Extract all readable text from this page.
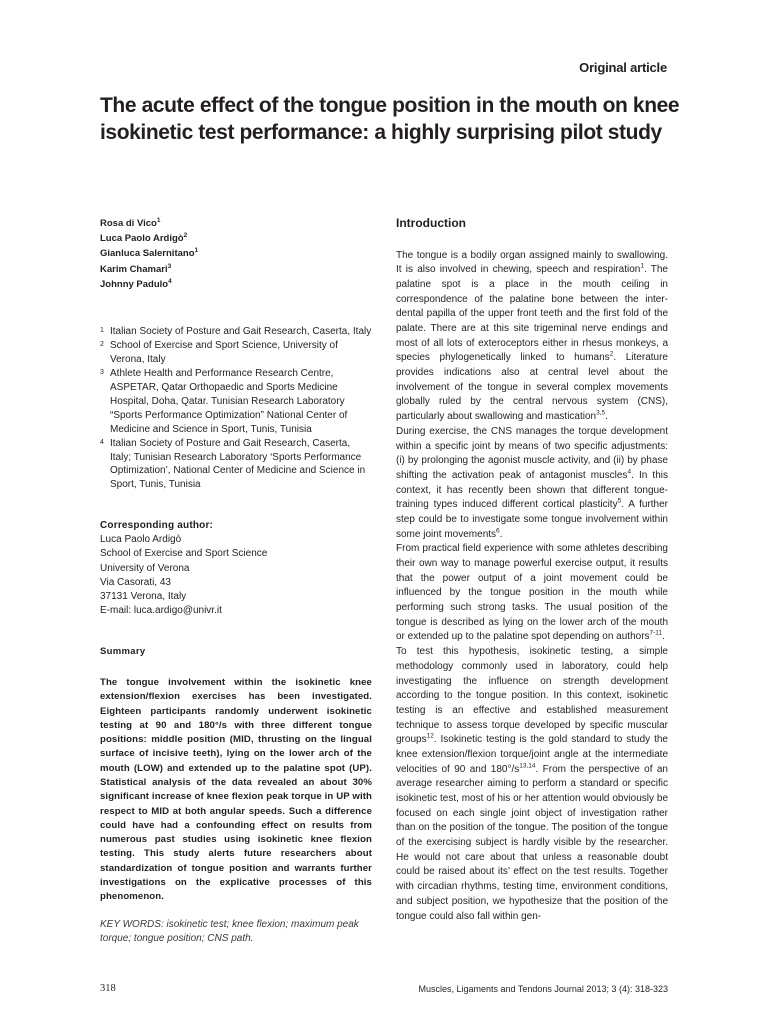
Original article
The acute effect of the tongue position in the mouth on knee isokinetic test performance: a highly surprising pilot study
Rosa di Vico$^1$
Luca Paolo Ardigò$^2$
Gianluca Salernitano$^1$
Karim Chamari$^3$
Johnny Padulo$^4$
1 Italian Society of Posture and Gait Research, Caserta, Italy
2 School of Exercise and Sport Science, University of Verona, Italy
3 Athlete Health and Performance Research Centre, ASPETAR, Qatar Orthopaedic and Sports Medicine Hospital, Doha, Qatar. Tunisian Research Laboratory “Sports Performance Optimization” National Center of Medicine and Science in Sport, Tunis, Tunisia
4 Italian Society of Posture and Gait Research, Caserta, Italy; Tunisian Research Laboratory ‘Sports Performance Optimization’, National Center of Medicine and Science in Sport, Tunis, Tunisia
Corresponding author:
Luca Paolo Ardigò
School of Exercise and Sport Science
University of Verona
Via Casorati, 43
37131 Verona, Italy
E-mail: luca.ardigo@univr.it
Summary

The tongue involvement within the isokinetic knee extension/flexion exercises has been investigated. Eighteen participants randomly underwent isokinetic testing at 90 and 180°/s with three different tongue positions: middle position (MID, thrusting on the lingual surface of incisive teeth), lying on the lower arch of the mouth (LOW) and extended up to the palatine spot (UP). Statistical analysis of the data revealed an about 30% significant increase of knee flexion peak torque in UP with respect to MID at both angular speeds. Such a difference could have had a confounding effect on results from numerous past studies using isokinetic knee flexion testing. This study alerts future researchers about standardization of tongue position and warrants further investigations on the explicative processes of this phenomenon.

KEY WORDS: isokinetic test; knee flexion; maximum peak torque; tongue position; CNS path.

Introduction

The tongue is a bodily organ assigned mainly to swallowing. It is also involved in chewing, speech and respiration$^1$. The palatine spot is a place in the mouth ceiling in correspondence of the palatine bone between the inter-dental papilla of the upper front teeth and the first fold of the palate. There are at this site trigeminal nerve endings and most of all lots of exteroceptors either in rhesus monkeys, a species phylogenetically linked to humans$^2$. Literature provides indications also at central level about the involvement of the tongue in several complex movements globally ruled by the central nervous system (CNS), particularly about swallowing and mastication$^{3,5}$.

During exercise, the CNS manages the torque development within a specific joint by means of two specific adjustments: (i) by prolonging the agonist muscle activity, and (ii) by phase shifting the activation peak of antagonist muscles$^4$. In this context, it has recently been shown that different tongue-training types induced different cortical plasticity$^5$. A further step could be to investigate some tongue involvement within some joint movements$^6$.

From practical field experience with some athletes describing their own way to manage powerful exercise output, it results that the power output of a joint movement could be influenced by the tongue position in the mouth while performing such strong tasks. The usual position of the tongue is described as lying on the lower arch of the mouth or extended up to the palatine spot depending on authors$^{7-11}$.

To test this hypothesis, isokinetic testing, a simple methodology commonly used in laboratory, could help investigating the influence on strength development according to the tongue position. In this context, isokinetic testing is an effective and established measurement technique to assess torque developed by specific muscular groups$^{12}$. Isokinetic testing is the gold standard to study the knee extension/flexion torque/joint angle at the intermediate velocities of 90 and $180^\circ/s^{13,14}$. From the perspective of an average researcher aiming to perform a standard or specific isokinetic test, most of his or her attention would obviously be focused on each single joint object of investigation rather than on the position of the tongue. The position of the tongue of the exercising subject is hardly visible by the researcher. He would not care about that unless a reasonable doubt could be raised about its’ effect on the test results. Together with circadian rhythms, testing time, environment conditions, and subject position, we hypothesize that the position of the tongue could also fall within gen-

318	Muscles, Ligaments and Tendons Journal 2013; 3 (4): 318-323
